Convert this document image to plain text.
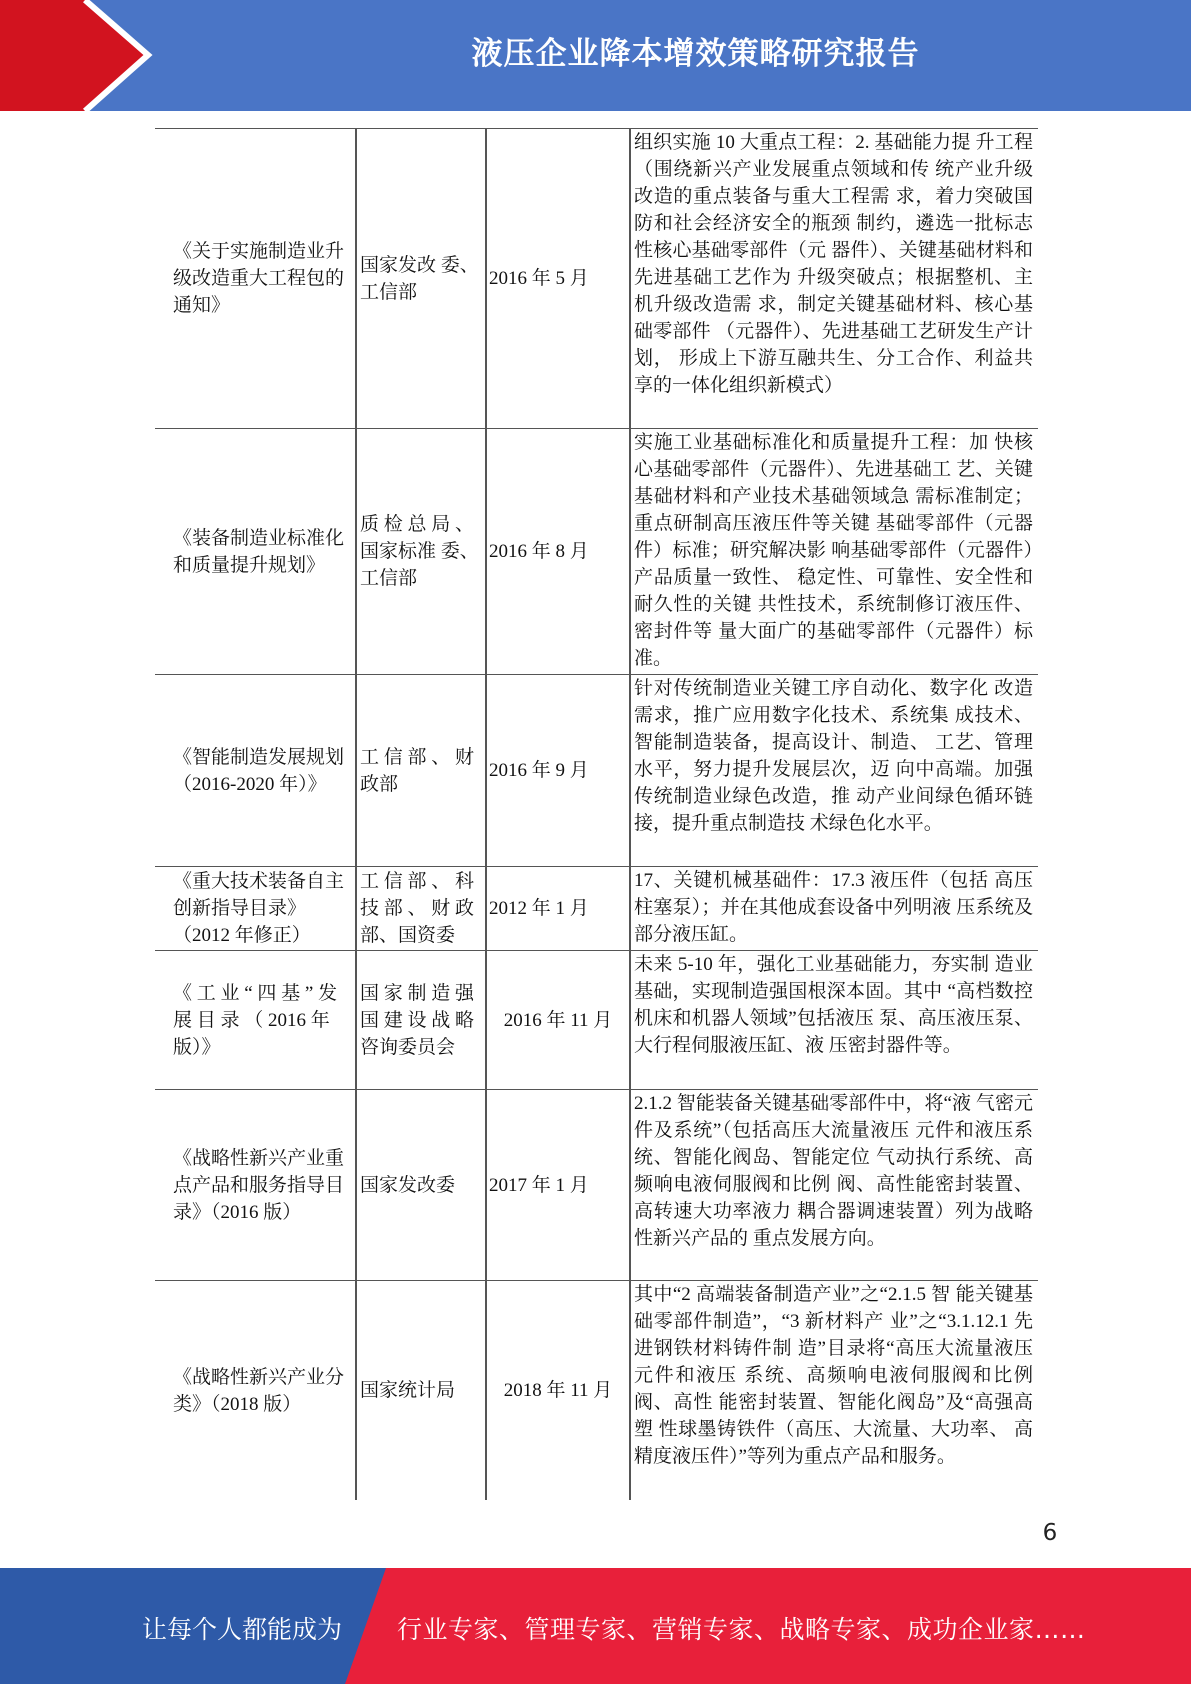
液压企业降本增效策略研究报告
《关于实施制造业升级改造重大工程包的通知》
国家发改 委、工信部
2016 年 5 月
组织实施 10 大重点工程：2. 基础能力提 升工程（围绕新兴产业发展重点领域和传 统产业升级改造的重点装备与重大工程需 求，着力突破国防和社会经济安全的瓶颈 制约，遴选一批标志性核心基础零部件（元 器件）、关键基础材料和先进基础工艺作为 升级突破点；根据整机、主机升级改造需 求，制定关键基础材料、核心基础零部件 （元器件）、先进基础工艺研发生产计划， 形成上下游互融共生、分工合作、利益共 享的一体化组织新模式）
《装备制造业标准化和质量提升规划》
质 检 总 局 、国家标准 委、工信部
2016 年 8 月
实施工业基础标准化和质量提升工程：加 快核心基础零部件（元器件）、先进基础工 艺、关键基础材料和产业技术基础领域急 需标准制定；重点研制高压液压件等关键 基础零部件（元器件）标准；研究解决影 响基础零部件（元器件）产品质量一致性、 稳定性、可靠性、安全性和耐久性的关键 共性技术，系统制修订液压件、密封件等 量大面广的基础零部件（元器件）标准。
《智能制造发展规划（2016-2020 年）》
工 信 部 、 财政部
2016 年 9 月
针对传统制造业关键工序自动化、数字化 改造需求，推广应用数字化技术、系统集 成技术、智能制造装备，提高设计、制造、 工艺、管理水平，努力提升发展层次，迈 向中高端。加强传统制造业绿色改造，推 动产业间绿色循环链接，提升重点制造技 术绿色化水平。
《重大技术装备自主创新指导目录》（2012 年修正）
工 信 部 、 科 技 部 、 财 政 部、国资委
2012 年 1 月
17、关键机械基础件：17.3 液压件（包括 高压柱塞泵）；并在其他成套设备中列明液 压系统及部分液压缸。
《 工 业 “ 四 基 ” 发 展 目 录 （ 2016 年版）》
国 家 制 造 强 国 建 设 战 略 咨询委员会
2016 年 11 月
未来 5-10 年，强化工业基础能力，夯实制 造业基础，实现制造强国根深本固。其中 “高档数控机床和机器人领域”包括液压 泵、高压液压泵、大行程伺服液压缸、液 压密封器件等。
《战略性新兴产业重点产品和服务指导目录》（2016 版）
国家发改委 2017 年 1 月
2.1.2 智能装备关键基础零部件中，将“液 气密元件及系统”（包括高压大流量液压 元件和液压系统、智能化阀岛、智能定位 气动执行系统、高频响电液伺服阀和比例 阀、高性能密封装置、高转速大功率液力 耦合器调速装置）列为战略性新兴产品的 重点发展方向。
《战略性新兴产业分类》（2018 版）
国家统计局	2018 年 11 月
其中“2 高端装备制造产业”之“2.1.5 智 能关键基础零部件制造”，“3 新材料产 业”之“3.1.12.1 先进钢铁材料铸件制 造”目录将“高压大流量液压元件和液压 系统、高频响电液伺服阀和比例阀、高性 能密封装置、智能化阀岛”及“高强高塑 性球墨铸铁件（高压、大流量、大功率、 高精度液压件）”等列为重点产品和服务。
6
让每个人都能成为 行业专家、管理专家、营销专家、战略专家、成功企业家……
